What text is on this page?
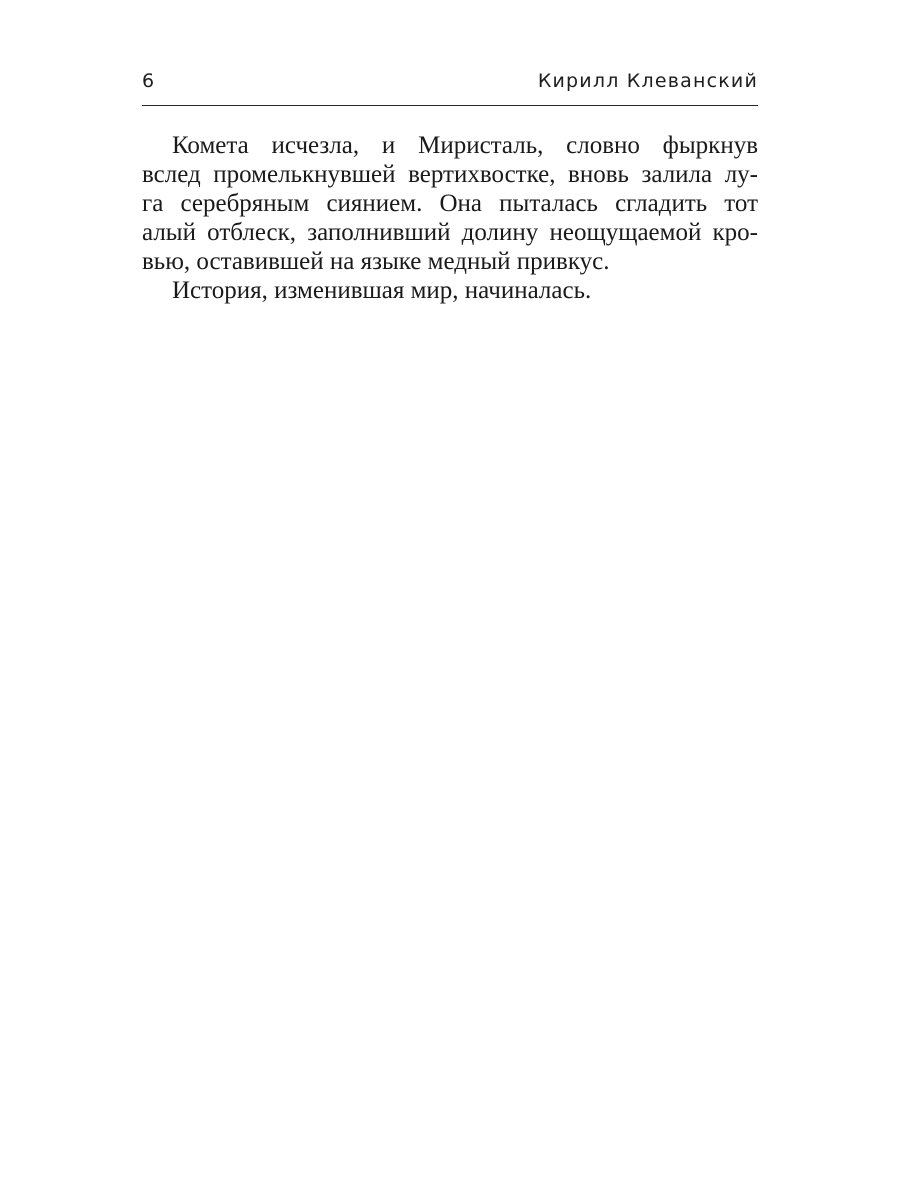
6	Кирилл Клеванский
Комета исчезла, и Миристаль, словно фыркнув
вслед промелькнувшей вертихвостке, вновь залила лу-
га серебряным сиянием. Она пыталась сгладить тот
алый отблеск, заполнивший долину неощущаемой кро-
вью, оставившей на языке медный привкус.
История, изменившая мир, начиналась.
